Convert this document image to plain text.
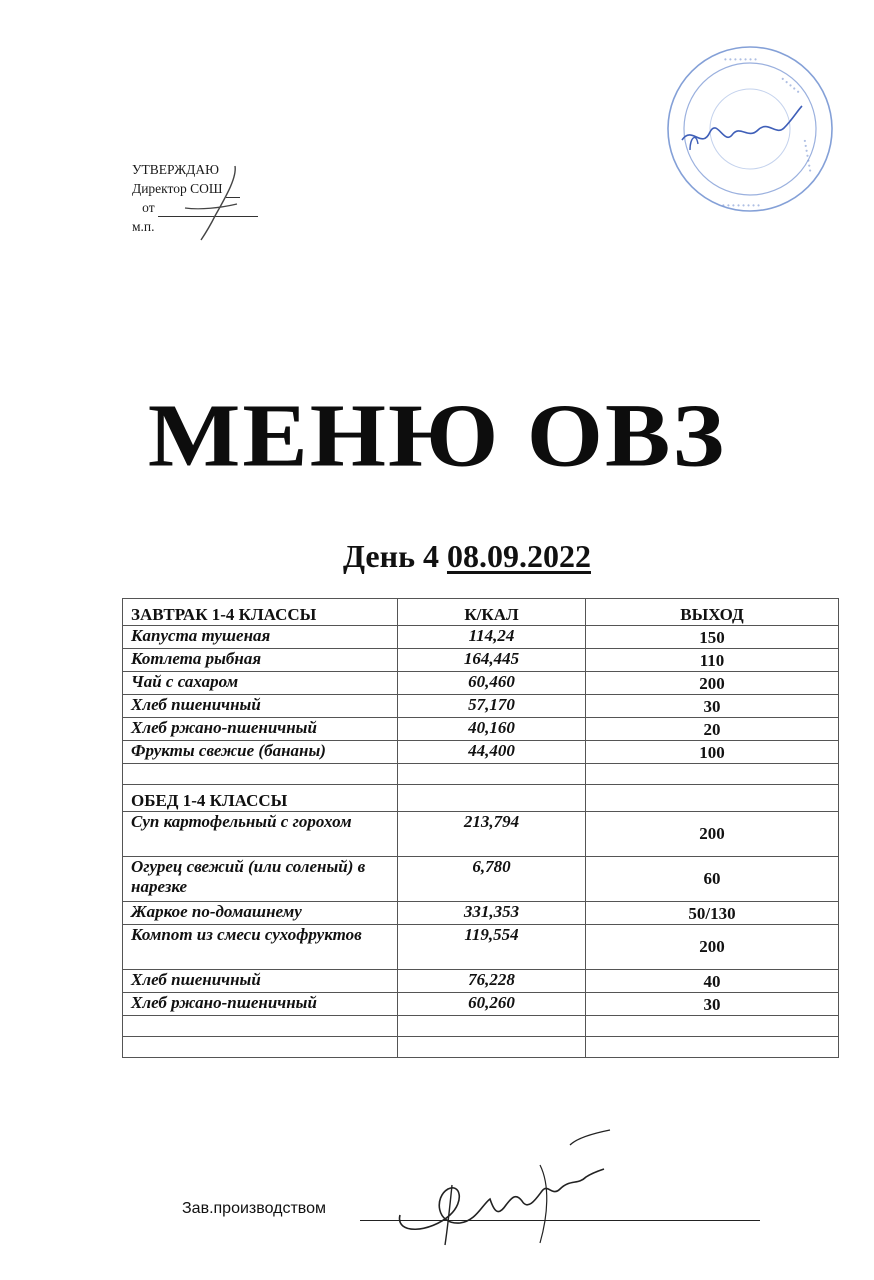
УТВЕРЖДАЮ
Директор СОШ
от
м.п.
• • • • • • •
• • • • •
• • • • • • •
• • • • • • • •
МЕНЮ ОВЗ
День 4 08.09.2022
ЗАВТРАК 1-4 КЛАССЫ	К/КАЛ	ВЫХОД
Капуста тушеная	114,24	150
Котлета рыбная	164,445	110
Чай с сахаром	60,460	200
Хлеб пшеничный	57,170	30
Хлеб ржано-пшеничный	40,160	20
Фрукты свежие (бананы)	44,400	100

ОБЕД 1-4 КЛАССЫ		
Суп картофельный с горохом	213,794	200
Огурец свежий (или соленый) в нарезке	6,780	60
Жаркое по-домашнему	331,353	50/130
Компот из смеси сухофруктов	119,554	200
Хлеб пшеничный	76,228	40
Хлеб ржано-пшеничный	60,260	30

Зав.производством
